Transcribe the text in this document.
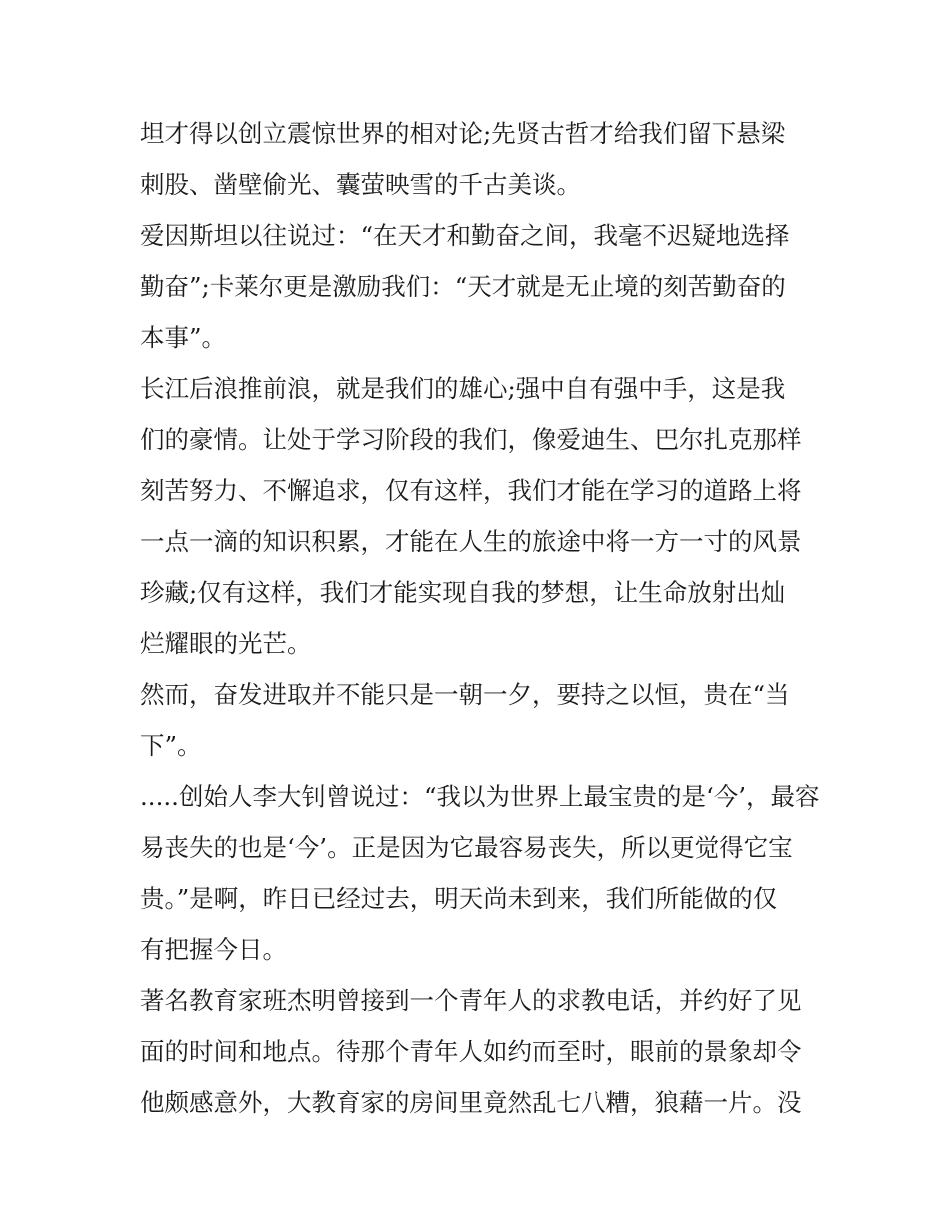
坦才得以创立震惊世界的相对论;先贤古哲才给我们留下悬梁
刺股、凿壁偷光、囊萤映雪的千古美谈。
爱因斯坦以往说过：“在天才和勤奋之间，我毫不迟疑地选择
勤奋”;卡莱尔更是激励我们：“天才就是无止境的刻苦勤奋的
本事”。
长江后浪推前浪，就是我们的雄心;强中自有强中手，这是我
们的豪情。让处于学习阶段的我们，像爱迪生、巴尔扎克那样
刻苦努力、不懈追求，仅有这样，我们才能在学习的道路上将
一点一滴的知识积累，才能在人生的旅途中将一方一寸的风景
珍藏;仅有这样，我们才能实现自我的梦想，让生命放射出灿
烂耀眼的光芒。
然而，奋发进取并不能只是一朝一夕，要持之以恒，贵在“当
下”。
.....创始人李大钊曾说过：“我以为世界上最宝贵的是‘今’，最容
易丧失的也是‘今’。正是因为它最容易丧失，所以更觉得它宝
贵。”是啊，昨日已经过去，明天尚未到来，我们所能做的仅
有把握今日。
著名教育家班杰明曾接到一个青年人的求教电话，并约好了见
面的时间和地点。待那个青年人如约而至时，眼前的景象却令
他颇感意外，大教育家的房间里竟然乱七八糟，狼藉一片。没
